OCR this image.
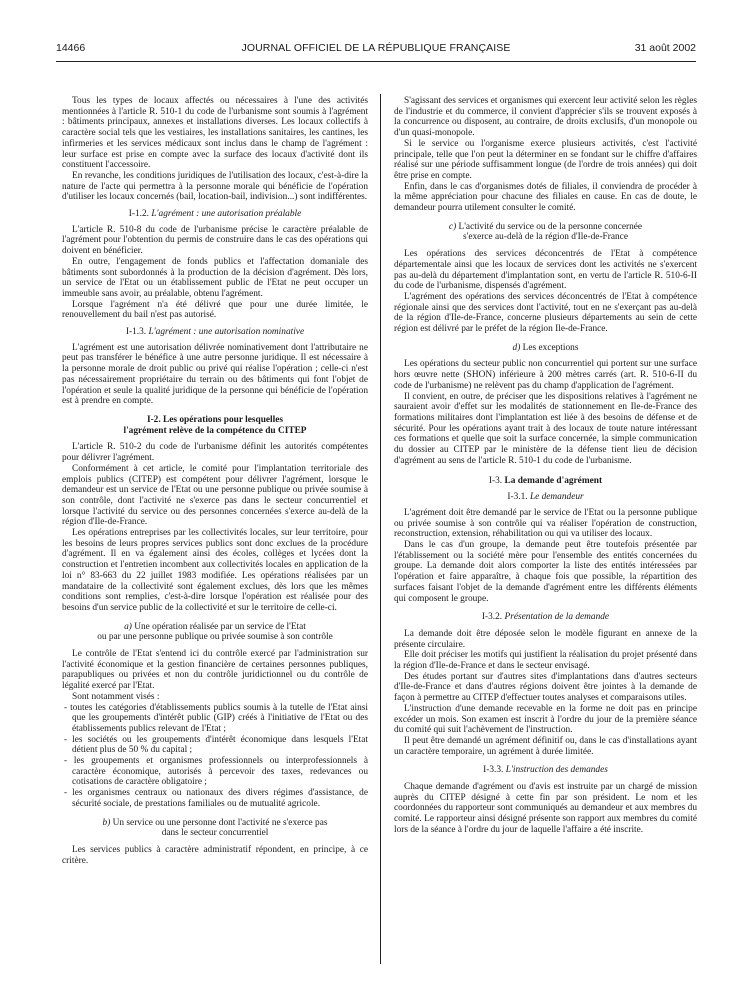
14466	JOURNAL OFFICIEL DE LA RÉPUBLIQUE FRANÇAISE	31 août 2002

Tous les types de locaux affectés ou nécessaires à l'une des activités mentionnées à l'article R. 510-1 du code de l'urbanisme sont soumis à l'agrément : bâtiments principaux, annexes et installations diverses. Les locaux collectifs à caractère social tels que les vestiaires, les installations sanitaires, les cantines, les infirmeries et les services médicaux sont inclus dans le champ de l'agrément : leur surface est prise en compte avec la surface des locaux d'activité dont ils constituent l'accessoire.

En revanche, les conditions juridiques de l'utilisation des locaux, c'est-à-dire la nature de l'acte qui permettra à la personne morale qui bénéficie de l'opération d'utiliser les locaux concernés (bail, location-bail, indivision...) sont indifférentes.

I-1.2. L'agrément : une autorisation préalable

L'article R. 510-8 du code de l'urbanisme précise le caractère préalable de l'agrément pour l'obtention du permis de construire dans le cas des opérations qui doivent en bénéficier.

En outre, l'engagement de fonds publics et l'affectation domaniale des bâtiments sont subordonnés à la production de la décision d'agrément. Dès lors, un service de l'Etat ou un établissement public de l'Etat ne peut occuper un immeuble sans avoir, au préalable, obtenu l'agrément.

Lorsque l'agrément n'a été délivré que pour une durée limitée, le renouvellement du bail n'est pas autorisé.

I-1.3. L'agrément : une autorisation nominative

L'agrément est une autorisation délivrée nominativement dont l'attributaire ne peut pas transférer le bénéfice à une autre personne juridique. Il est nécessaire à la personne morale de droit public ou privé qui réalise l'opération ; celle-ci n'est pas nécessairement propriétaire du terrain ou des bâtiments qui font l'objet de l'opération et seule la qualité juridique de la personne qui bénéficie de l'opération est à prendre en compte.

I-2. Les opérations pour lesquelles
l'agrément relève de la compétence du CITEP

L'article R. 510-2 du code de l'urbanisme définit les autorités compétentes pour délivrer l'agrément.

Conformément à cet article, le comité pour l'implantation territoriale des emplois publics (CITEP) est compétent pour délivrer l'agrément, lorsque le demandeur est un service de l'Etat ou une personne publique ou privée soumise à son contrôle, dont l'activité ne s'exerce pas dans le secteur concurrentiel et lorsque l'activité du service ou des personnes concernées s'exerce au-delà de la région d'Ile-de-France.

Les opérations entreprises par les collectivités locales, sur leur territoire, pour les besoins de leurs propres services publics sont donc exclues de la procédure d'agrément. Il en va également ainsi des écoles, collèges et lycées dont la construction et l'entretien incombent aux collectivités locales en application de la loi n° 83-663 du 22 juillet 1983 modifiée. Les opérations réalisées par un mandataire de la collectivité sont également exclues, dès lors que les mêmes conditions sont remplies, c'est-à-dire lorsque l'opération est réalisée pour des besoins d'un service public de la collectivité et sur le territoire de celle-ci.

a) Une opération réalisée par un service de l'Etat
ou par une personne publique ou privée soumise à son contrôle

Le contrôle de l'Etat s'entend ici du contrôle exercé par l'administration sur l'activité économique et la gestion financière de certaines personnes publiques, parapubliques ou privées et non du contrôle juridictionnel ou du contrôle de légalité exercé par l'Etat.

Sont notamment visés :

- toutes les catégories d'établissements publics soumis à la tutelle de l'Etat ainsi que les groupements d'intérêt public (GIP) créés à l'initiative de l'Etat ou des établissements publics relevant de l'Etat ;
- les sociétés ou les groupements d'intérêt économique dans lesquels l'Etat détient plus de 50 % du capital ;
- les groupements et organismes professionnels ou interprofessionnels à caractère économique, autorisés à percevoir des taxes, redevances ou cotisations de caractère obligatoire ;
- les organismes centraux ou nationaux des divers régimes d'assistance, de sécurité sociale, de prestations familiales ou de mutualité agricole.
b) Un service ou une personne dont l'activité ne s'exerce pas
dans le secteur concurrentiel

Les services publics à caractère administratif répondent, en principe, à ce critère.

S'agissant des services et organismes qui exercent leur activité selon les règles de l'industrie et du commerce, il convient d'apprécier s'ils se trouvent exposés à la concurrence ou disposent, au contraire, de droits exclusifs, d'un monopole ou d'un quasi-monopole.

Si le service ou l'organisme exerce plusieurs activités, c'est l'activité principale, telle que l'on peut la déterminer en se fondant sur le chiffre d'affaires réalisé sur une période suffisamment longue (de l'ordre de trois années) qui doit être prise en compte.

Enfin, dans le cas d'organismes dotés de filiales, il conviendra de procéder à la même appréciation pour chacune des filiales en cause. En cas de doute, le demandeur pourra utilement consulter le comité.

c) L'activité du service ou de la personne concernée
s'exerce au-delà de la région d'Ile-de-France

Les opérations des services déconcentrés de l'Etat à compétence départementale ainsi que les locaux de services dont les activités ne s'exercent pas au-delà du département d'implantation sont, en vertu de l'article R. 510-6-II du code de l'urbanisme, dispensés d'agrément.

L'agrément des opérations des services déconcentrés de l'Etat à compétence régionale ainsi que des services dont l'activité, tout en ne s'exerçant pas au-delà de la région d'Ile-de-France, concerne plusieurs départements au sein de cette région est délivré par le préfet de la région Ile-de-France.

d) Les exceptions

Les opérations du secteur public non concurrentiel qui portent sur une surface hors œuvre nette (SHON) inférieure à 200 mètres carrés (art. R. 510-6-II du code de l'urbanisme) ne relèvent pas du champ d'application de l'agrément.

Il convient, en outre, de préciser que les dispositions relatives à l'agrément ne sauraient avoir d'effet sur les modalités de stationnement en Ile-de-France des formations militaires dont l'implantation est liée à des besoins de défense et de sécurité. Pour les opérations ayant trait à des locaux de toute nature intéressant ces formations et quelle que soit la surface concernée, la simple communication du dossier au CITEP par le ministère de la défense tient lieu de décision d'agrément au sens de l'article R. 510-1 du code de l'urbanisme.

I-3. La demande d'agrément
I-3.1. Le demandeur

L'agrément doit être demandé par le service de l'Etat ou la personne publique ou privée soumise à son contrôle qui va réaliser l'opération de construction, reconstruction, extension, réhabilitation ou qui va utiliser des locaux.

Dans le cas d'un groupe, la demande peut être toutefois présentée par l'établissement ou la société mère pour l'ensemble des entités concernées du groupe. La demande doit alors comporter la liste des entités intéressées par l'opération et faire apparaître, à chaque fois que possible, la répartition des surfaces faisant l'objet de la demande d'agrément entre les différents éléments qui composent le groupe.

I-3.2. Présentation de la demande

La demande doit être déposée selon le modèle figurant en annexe de la présente circulaire.

Elle doit préciser les motifs qui justifient la réalisation du projet présenté dans la région d'Ile-de-France et dans le secteur envisagé.

Des études portant sur d'autres sites d'implantations dans d'autres secteurs d'Ile-de-France et dans d'autres régions doivent être jointes à la demande de façon à permettre au CITEP d'effectuer toutes analyses et comparaisons utiles.

L'instruction d'une demande recevable en la forme ne doit pas en principe excéder un mois. Son examen est inscrit à l'ordre du jour de la première séance du comité qui suit l'achèvement de l'instruction.

Il peut être demandé un agrément définitif ou, dans le cas d'installations ayant un caractère temporaire, un agrément à durée limitée.

I-3.3. L'instruction des demandes

Chaque demande d'agrément ou d'avis est instruite par un chargé de mission auprès du CITEP désigné à cette fin par son président. Le nom et les coordonnées du rapporteur sont communiqués au demandeur et aux membres du comité. Le rapporteur ainsi désigné présente son rapport aux membres du comité lors de la séance à l'ordre du jour de laquelle l'affaire a été inscrite.
